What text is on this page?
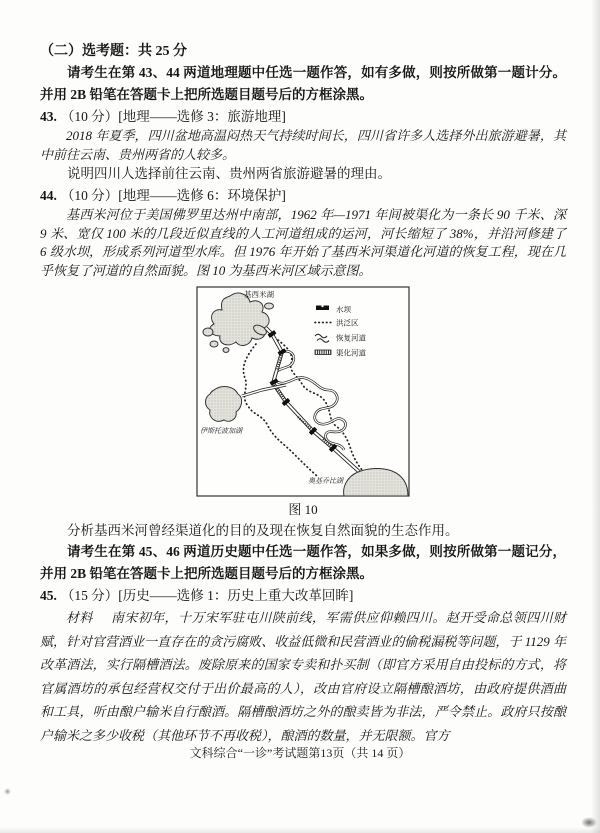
（二）选考题：共 25 分

请考生在第 43、44 两道地理题中任选一题作答，如有多做，则按所做第一题计分。并用 2B 铅笔在答题卡上把所选题目题号后的方框涂黑。

43. （10 分）[地理——选修 3：旅游地理]

2018 年夏季，四川盆地高温闷热天气持续时间长，四川省许多人选择外出旅游避暑，其中前往云南、贵州两省的人较多。

说明四川人选择前往云南、贵州两省旅游避暑的理由。

44. （10 分）[地理——选修 6：环境保护]

基西米河位于美国佛罗里达州中南部，1962 年—1971 年间被渠化为一条长 90 千米、深 9 米、宽仅 100 米的几段近似直线的人工河道组成的运河，河长缩短了 38%，并沿河修建了 6 级水坝，形成系列河道型水库。但 1976 年开始了基西米河渠道化河道的恢复工程，现在几乎恢复了河道的自然面貌。图 10 为基西米河区域示意图。

基西米湖
伊斯托波加湖
奥基乔比湖
水坝
洪泛区
恢复河道
渠化河道

图 10

分析基西米河曾经渠道化的目的及现在恢复自然面貌的生态作用。

请考生在第 45、46 两道历史题中任选一题作答，如果多做，则按所做第一题记分，并用 2B 铅笔在答题卡上把所选题目题号后的方框涂黑。

45. （15 分）[历史——选修 1：历史上重大改革回眸]

材料 南宋初年，十万宋军驻屯川陕前线，军需供应仰赖四川。赵开受命总领四川财赋，针对官营酒业一直存在的贪污腐败、收益低微和民营酒业的偷税漏税等问题，于 1129 年改革酒法，实行隔槽酒法。废除原来的国家专卖和扑买制（即官方采用自由投标的方式，将官属酒坊的承包经营权交付于出价最高的人），改由官府设立隔槽酿酒坊，由政府提供酒曲和工具，听由酿户输米自行酿酒。隔槽酿酒坊之外的酿卖皆为非法，严令禁止。政府只按酿户输米之多少收税（其他环节不再收税），酿酒的数量，并无限额。官方

文科综合“一诊”考试题第13页（共 14 页）
